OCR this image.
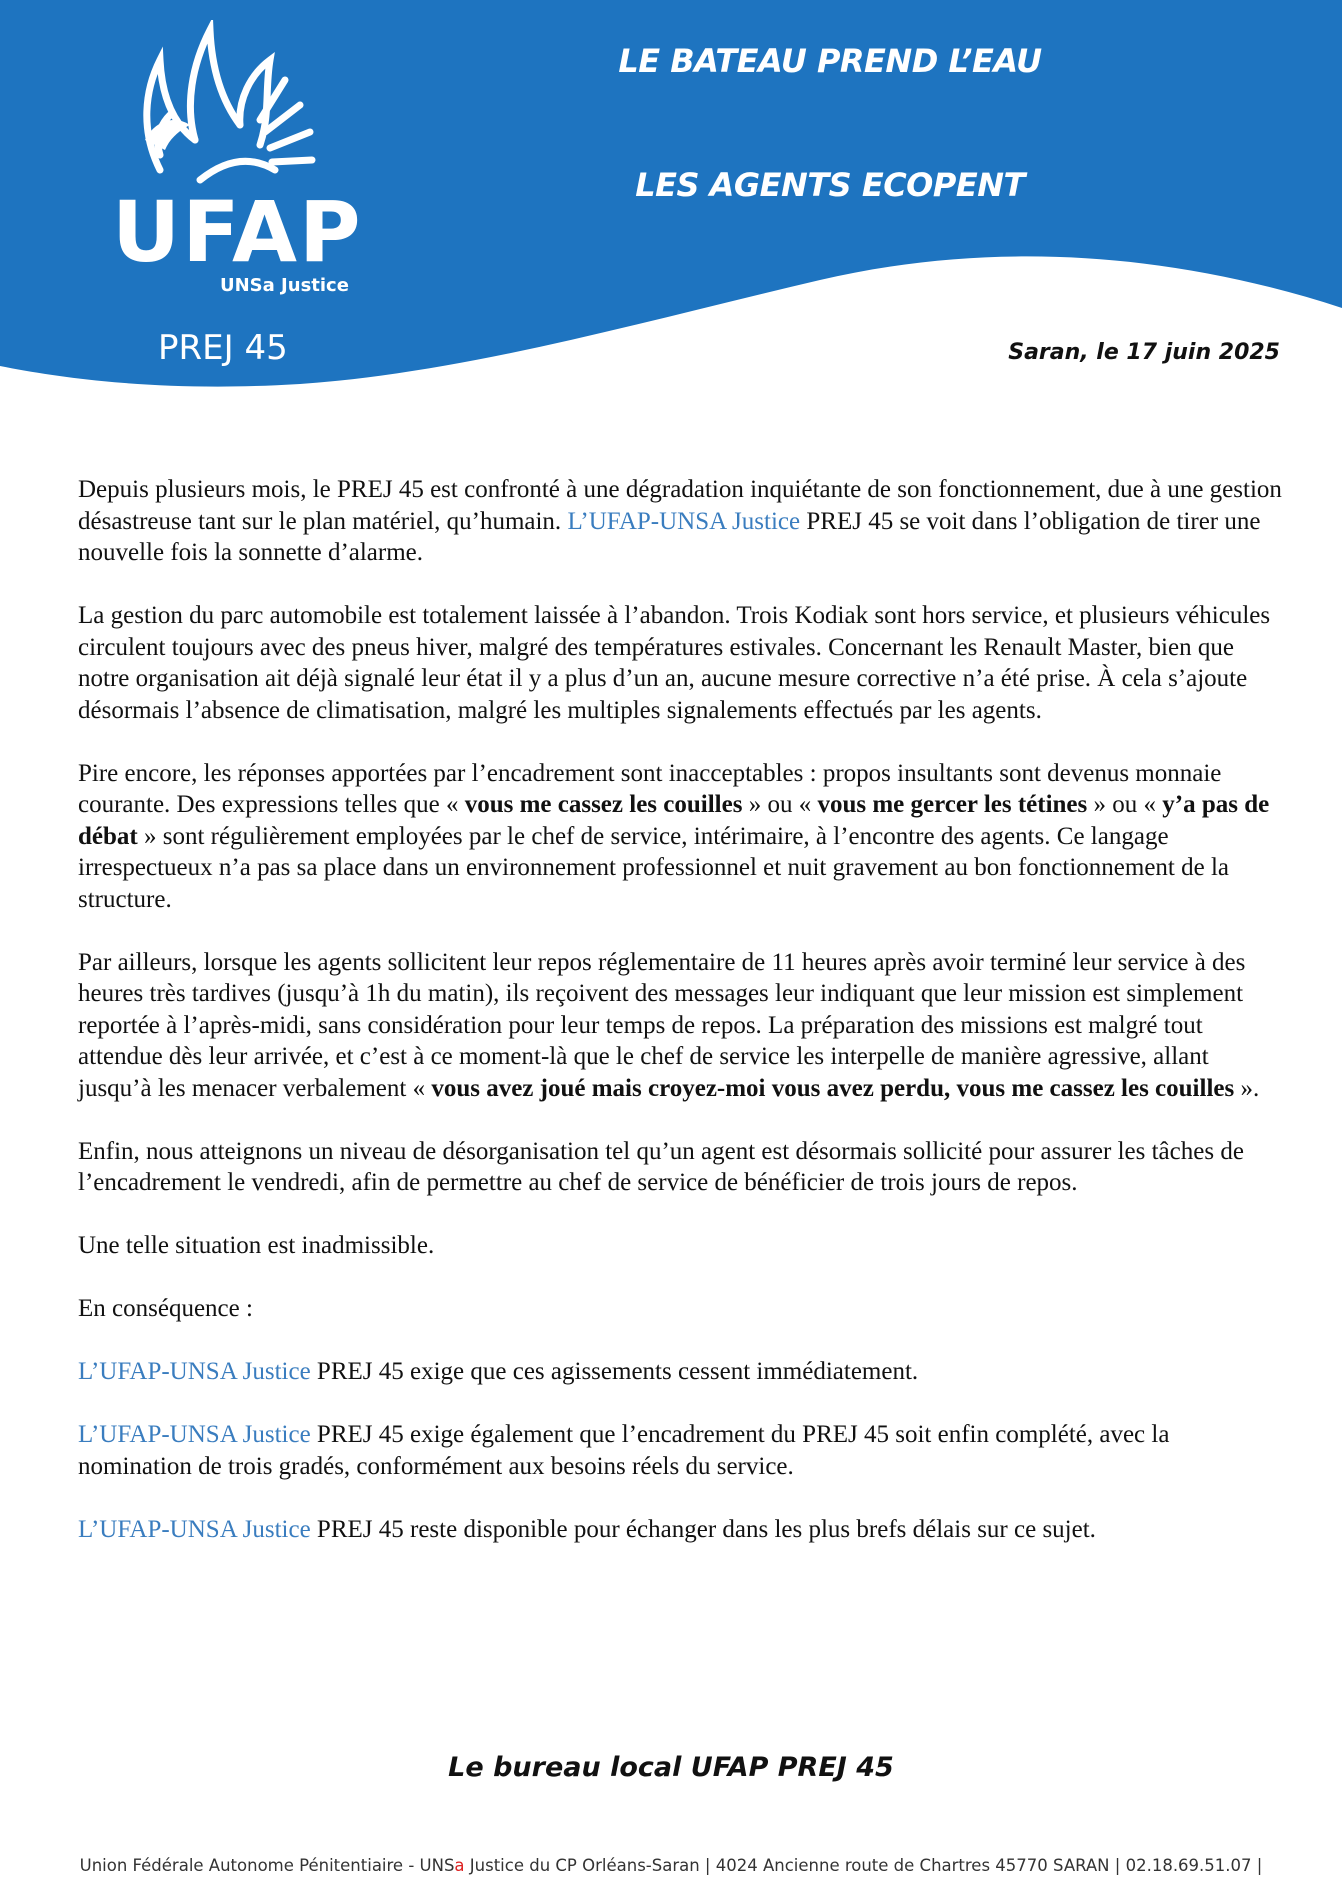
UFAP
UNSa Justice
PREJ 45
LE BATEAU PREND L’EAU
LES AGENTS ECOPENT
Saran, le 17 juin 2025

Depuis plusieurs mois, le PREJ 45 est confronté à une dégradation inquiétante de son fonctionnement, due à une gestion désastreuse tant sur le plan matériel, qu’humain. L’UFAP-UNSA Justice PREJ 45 se voit dans l’obligation de tirer une nouvelle fois la sonnette d’alarme.

La gestion du parc automobile est totalement laissée à l’abandon. Trois Kodiak sont hors service, et plusieurs véhicules circulent toujours avec des pneus hiver, malgré des températures estivales. Concernant les Renault Master, bien que notre organisation ait déjà signalé leur état il y a plus d’un an, aucune mesure corrective n’a été prise. À cela s’ajoute désormais l’absence de climatisation, malgré les multiples signalements effectués par les agents.

Pire encore, les réponses apportées par l’encadrement sont inacceptables : propos insultants sont devenus monnaie courante. Des expressions telles que « vous me cassez les couilles » ou « vous me gercer les tétines » ou « y’a pas de débat » sont régulièrement employées par le chef de service, intérimaire, à l’encontre des agents. Ce langage irrespectueux n’a pas sa place dans un environnement professionnel et nuit gravement au bon fonctionnement de la structure.

Par ailleurs, lorsque les agents sollicitent leur repos réglementaire de 11 heures après avoir terminé leur service à des heures très tardives (jusqu’à 1h du matin), ils reçoivent des messages leur indiquant que leur mission est simplement reportée à l’après-midi, sans considération pour leur temps de repos. La préparation des missions est malgré tout attendue dès leur arrivée, et c’est à ce moment-là que le chef de service les interpelle de manière agressive, allant jusqu’à les menacer verbalement « vous avez joué mais croyez-moi vous avez perdu, vous me cassez les couilles ».

Enfin, nous atteignons un niveau de désorganisation tel qu’un agent est désormais sollicité pour assurer les tâches de l’encadrement le vendredi, afin de permettre au chef de service de bénéficier de trois jours de repos.

Une telle situation est inadmissible.

En conséquence :

L’UFAP-UNSA Justice PREJ 45 exige que ces agissements cessent immédiatement.

L’UFAP-UNSA Justice PREJ 45 exige également que l’encadrement du PREJ 45 soit enfin complété, avec la nomination de trois gradés, conformément aux besoins réels du service.

L’UFAP-UNSA Justice PREJ 45 reste disponible pour échanger dans les plus brefs délais sur ce sujet.

Le bureau local UFAP PREJ 45
Union Fédérale Autonome Pénitentiaire - UNSa Justice du CP Orléans-Saran | 4024 Ancienne route de Chartres 45770 SARAN | 02.18.69.51.07 |
